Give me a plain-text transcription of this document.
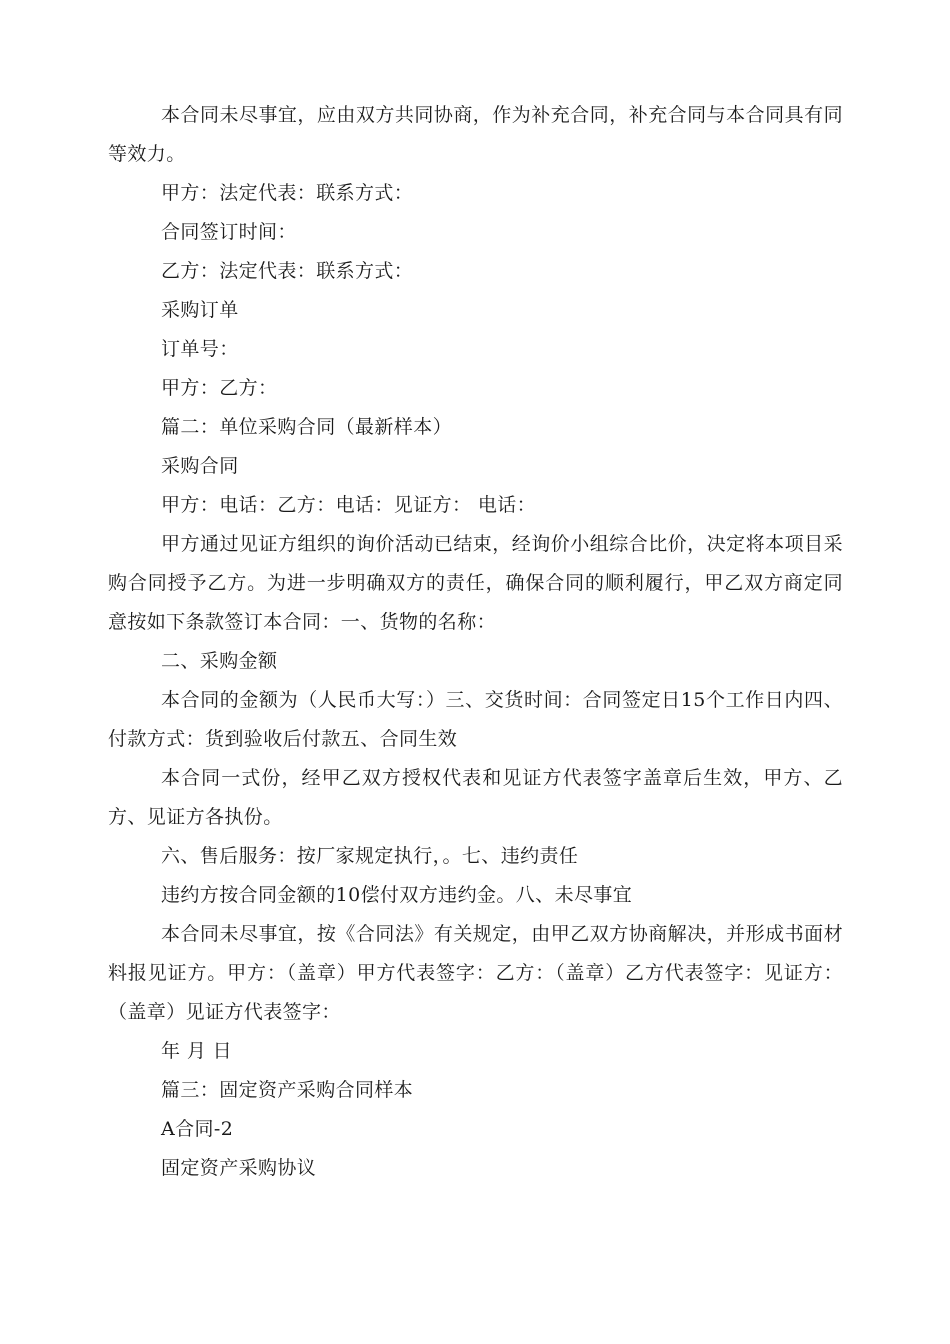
本合同未尽事宜，应由双方共同协商，作为补充合同，补充合同与本合同具有同等效力。

甲方：法定代表：联系方式：

合同签订时间：

乙方：法定代表：联系方式：

采购订单

订单号：

甲方：乙方：

篇二：单位采购合同（最新样本）

采购合同

甲方：电话：乙方：电话：见证方： 电话：

甲方通过见证方组织的询价活动已结束，经询价小组综合比价，决定将本项目采购合同授予乙方。为进一步明确双方的责任，确保合同的顺利履行，甲乙双方商定同意按如下条款签订本合同：一、货物的名称：

二、采购金额

本合同的金额为（人民币大写：）三、交货时间：合同签定日15个工作日内四、付款方式：货到验收后付款五、合同生效

本合同一式份，经甲乙双方授权代表和见证方代表签字盖章后生效，甲方、乙方、见证方各执份。

六、售后服务：按厂家规定执行，。七、违约责任

违约方按合同金额的10偿付双方违约金。八、未尽事宜

本合同未尽事宜，按《合同法》有关规定，由甲乙双方协商解决，并形成书面材料报见证方。甲方：（盖章）甲方代表签字：乙方：（盖章）乙方代表签字：见证方：（盖章）见证方代表签字：

年 月 日

篇三：固定资产采购合同样本

A合同-2

固定资产采购协议
